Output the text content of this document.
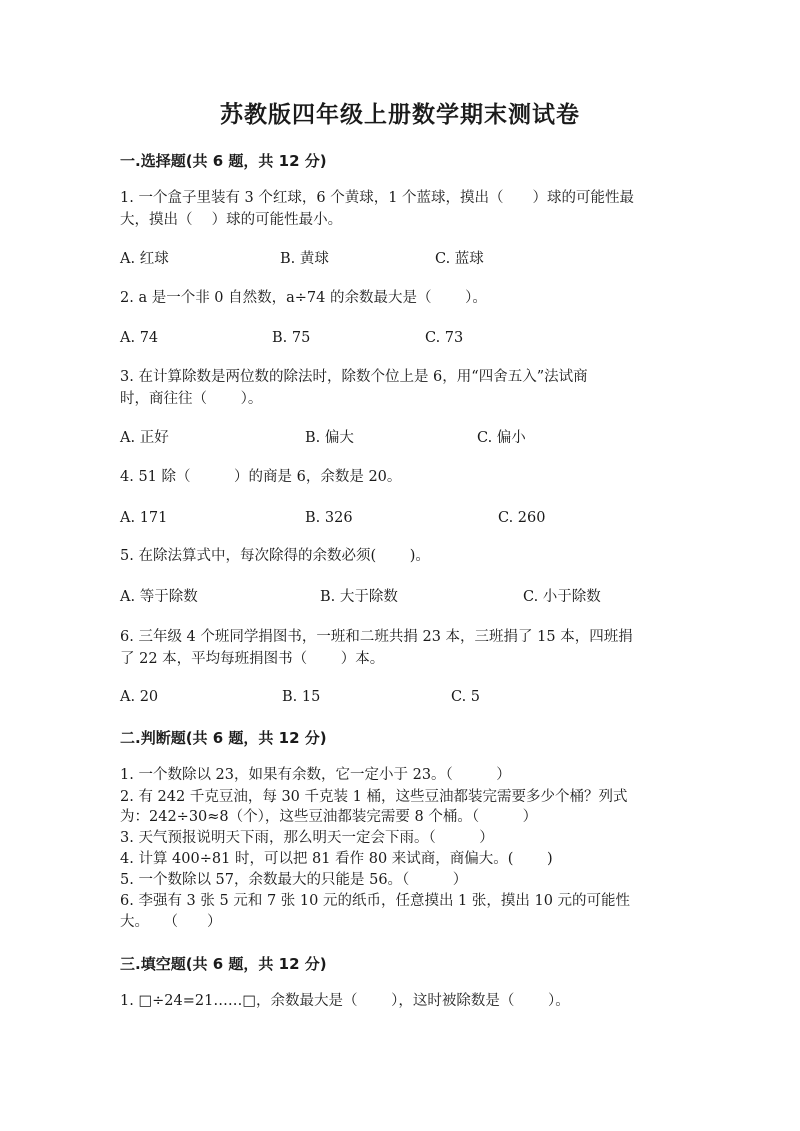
苏教版四年级上册数学期末测试卷
一.选择题(共 6 题，共 12 分)
1. 一个盒子里装有 3 个红球，6 个黄球，1 个蓝球，摸出（　　）球的可能性最
大，摸出（　 ）球的可能性最小。
A. 红球	B. 黄球	C. 蓝球
2. a 是一个非 0 自然数，a÷74 的余数最大是（　　 ）。
A. 74	B. 75	C. 73
3. 在计算除数是两位数的除法时，除数个位上是 6，用“四舍五入”法试商
时，商往往（　　 ）。
A. 正好	B. 偏大	C. 偏小
4. 51 除（　　　）的商是 6，余数是 20。
A. 171	B. 326	C. 260
5. 在除法算式中，每次除得的余数必须(　　 )。
A. 等于除数	B. 大于除数	C. 小于除数
6. 三年级 4 个班同学捐图书，一班和二班共捐 23 本，三班捐了 15 本，四班捐
了 22 本，平均每班捐图书（　　 ）本。
A. 20	B. 15	C. 5
二.判断题(共 6 题，共 12 分)
1. 一个数除以 23，如果有余数，它一定小于 23。（　　　）
2. 有 242 千克豆油，每 30 千克装 1 桶，这些豆油都装完需要多少个桶？列式
为：242÷30≈8（个），这些豆油都装完需要 8 个桶。（　　　）
3. 天气预报说明天下雨，那么明天一定会下雨。（　　　）
4. 计算 400÷81 时，可以把 81 看作 80 来试商，商偏大。(　　 )
5. 一个数除以 57，余数最大的只能是 56。（　　　）
6. 李强有 3 张 5 元和 7 张 10 元的纸币，任意摸出 1 张，摸出 10 元的可能性
大。　　（　　）
三.填空题(共 6 题，共 12 分)
1. □÷24=21……□，余数最大是（　　 ），这时被除数是（　　 ）。
